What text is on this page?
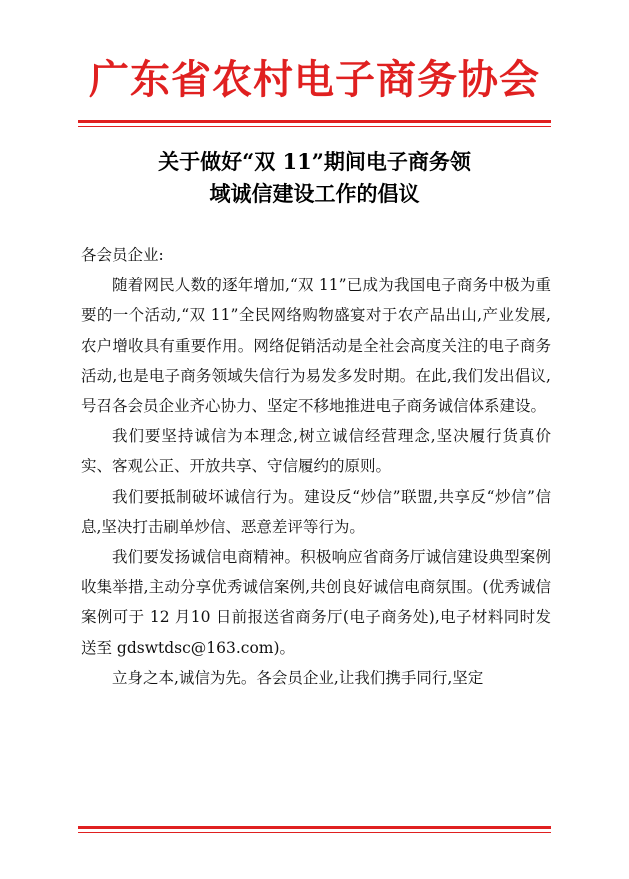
广东省农村电子商务协会
关于做好“双 11”期间电子商务领
域诚信建设工作的倡议

各会员企业:

随着网民人数的逐年增加,“双 11”已成为我国电子商务中极为重要的一个活动,“双 11”全民网络购物盛宴对于农产品出山,产业发展,农户增收具有重要作用。网络促销活动是全社会高度关注的电子商务活动,也是电子商务领域失信行为易发多发时期。在此,我们发出倡议,号召各会员企业齐心协力、坚定不移地推进电子商务诚信体系建设。

我们要坚持诚信为本理念,树立诚信经营理念,坚决履行货真价实、客观公正、开放共享、守信履约的原则。

我们要抵制破坏诚信行为。建设反“炒信”联盟,共享反“炒信”信息,坚决打击刷单炒信、恶意差评等行为。

我们要发扬诚信电商精神。积极响应省商务厅诚信建设典型案例收集举措,主动分享优秀诚信案例,共创良好诚信电商氛围。(优秀诚信案例可于 12 月10 日前报送省商务厅(电子商务处),电子材料同时发送至 gdswtdsc@163.com)。

立身之本,诚信为先。各会员企业,让我们携手同行,坚定
